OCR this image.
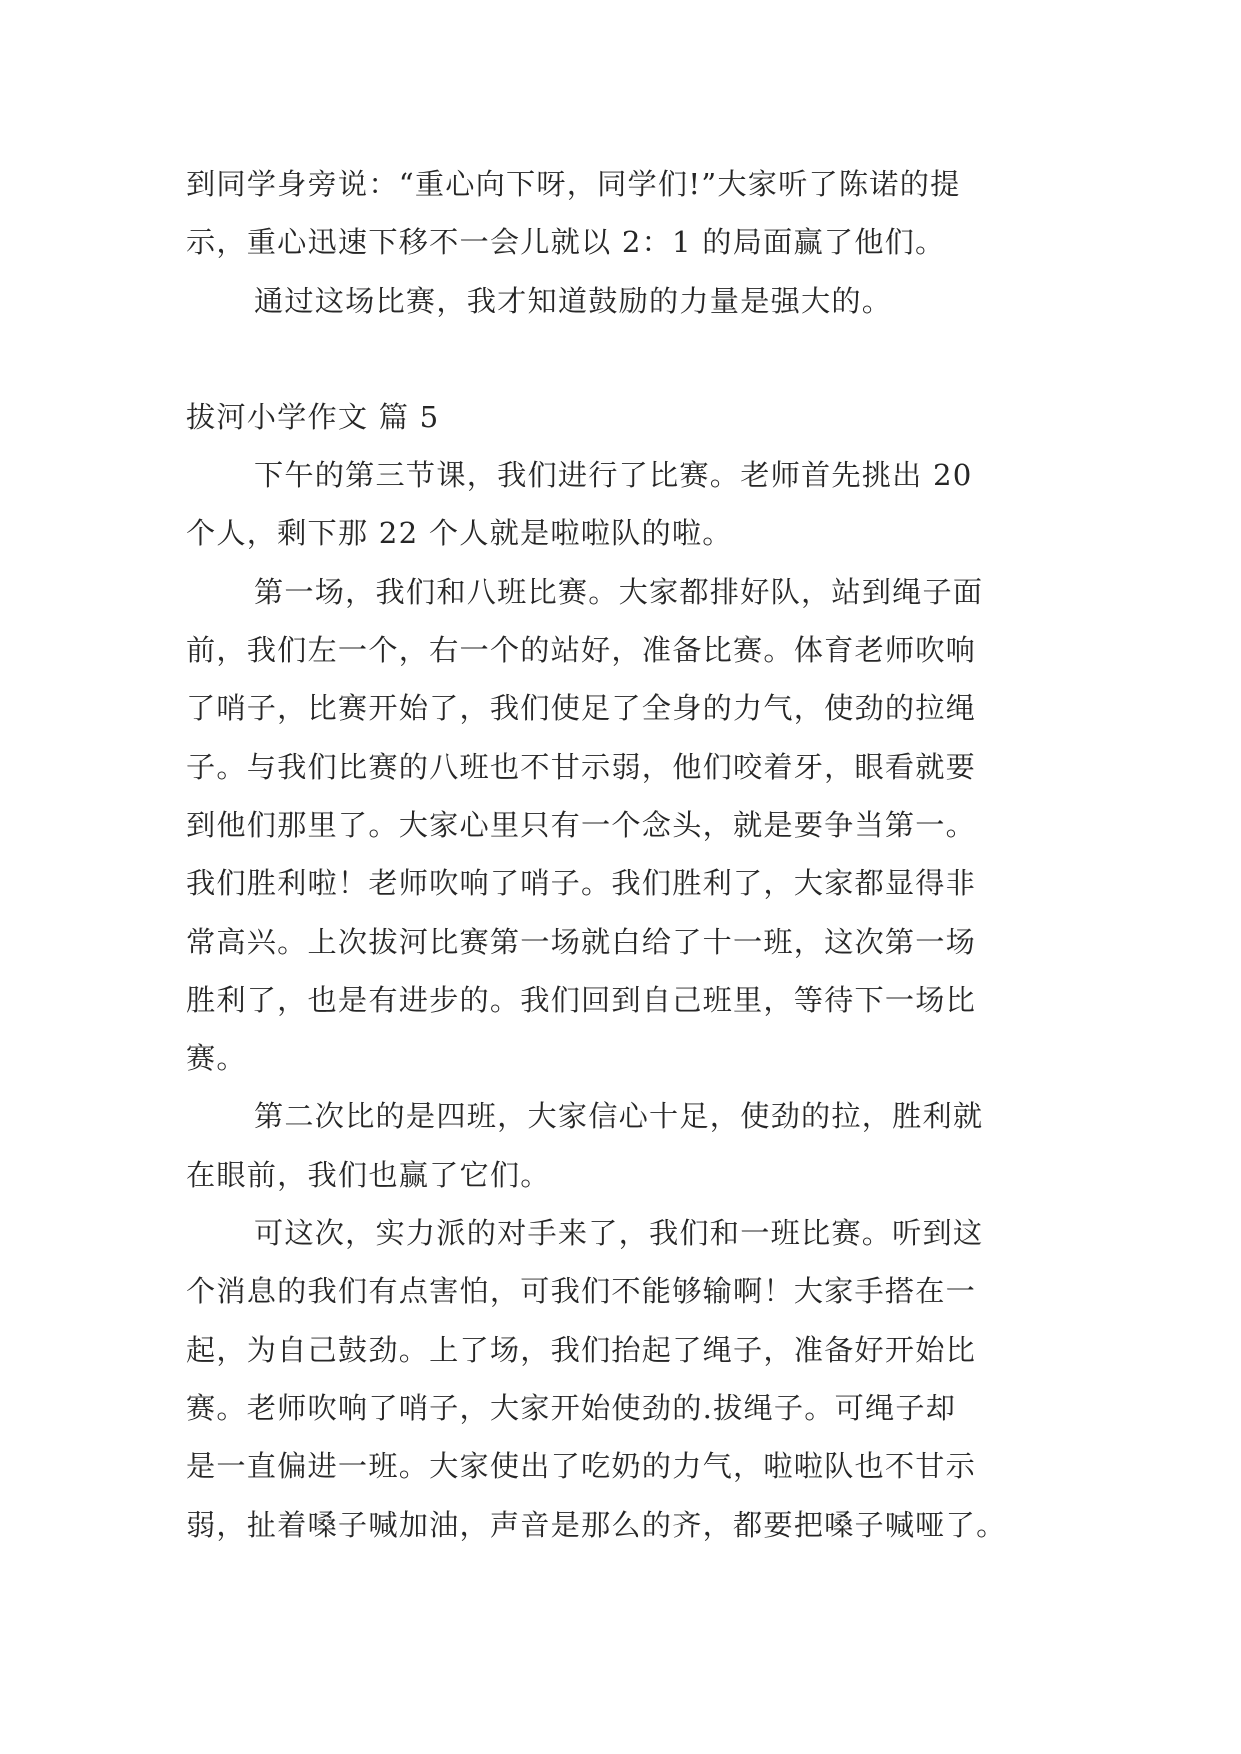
到同学身旁说：“重心向下呀，同学们!”大家听了陈诺的提

示，重心迅速下移不一会儿就以 2：1 的局面赢了他们。

通过这场比赛，我才知道鼓励的力量是强大的。

拔河小学作文 篇 5

下午的第三节课，我们进行了比赛。老师首先挑出 20

个人，剩下那 22 个人就是啦啦队的啦。

第一场，我们和八班比赛。大家都排好队，站到绳子面

前，我们左一个，右一个的站好，准备比赛。体育老师吹响

了哨子，比赛开始了，我们使足了全身的力气，使劲的拉绳

子。与我们比赛的八班也不甘示弱，他们咬着牙，眼看就要

到他们那里了。大家心里只有一个念头，就是要争当第一。

我们胜利啦！老师吹响了哨子。我们胜利了，大家都显得非

常高兴。上次拔河比赛第一场就白给了十一班，这次第一场

胜利了，也是有进步的。我们回到自己班里，等待下一场比

赛。

第二次比的是四班，大家信心十足，使劲的拉，胜利就

在眼前，我们也赢了它们。

可这次，实力派的对手来了，我们和一班比赛。听到这

个消息的我们有点害怕，可我们不能够输啊！大家手搭在一

起，为自己鼓劲。上了场，我们抬起了绳子，准备好开始比

赛。老师吹响了哨子，大家开始使劲的.拔绳子。可绳子却

是一直偏进一班。大家使出了吃奶的力气，啦啦队也不甘示

弱，扯着嗓子喊加油，声音是那么的齐，都要把嗓子喊哑了。
